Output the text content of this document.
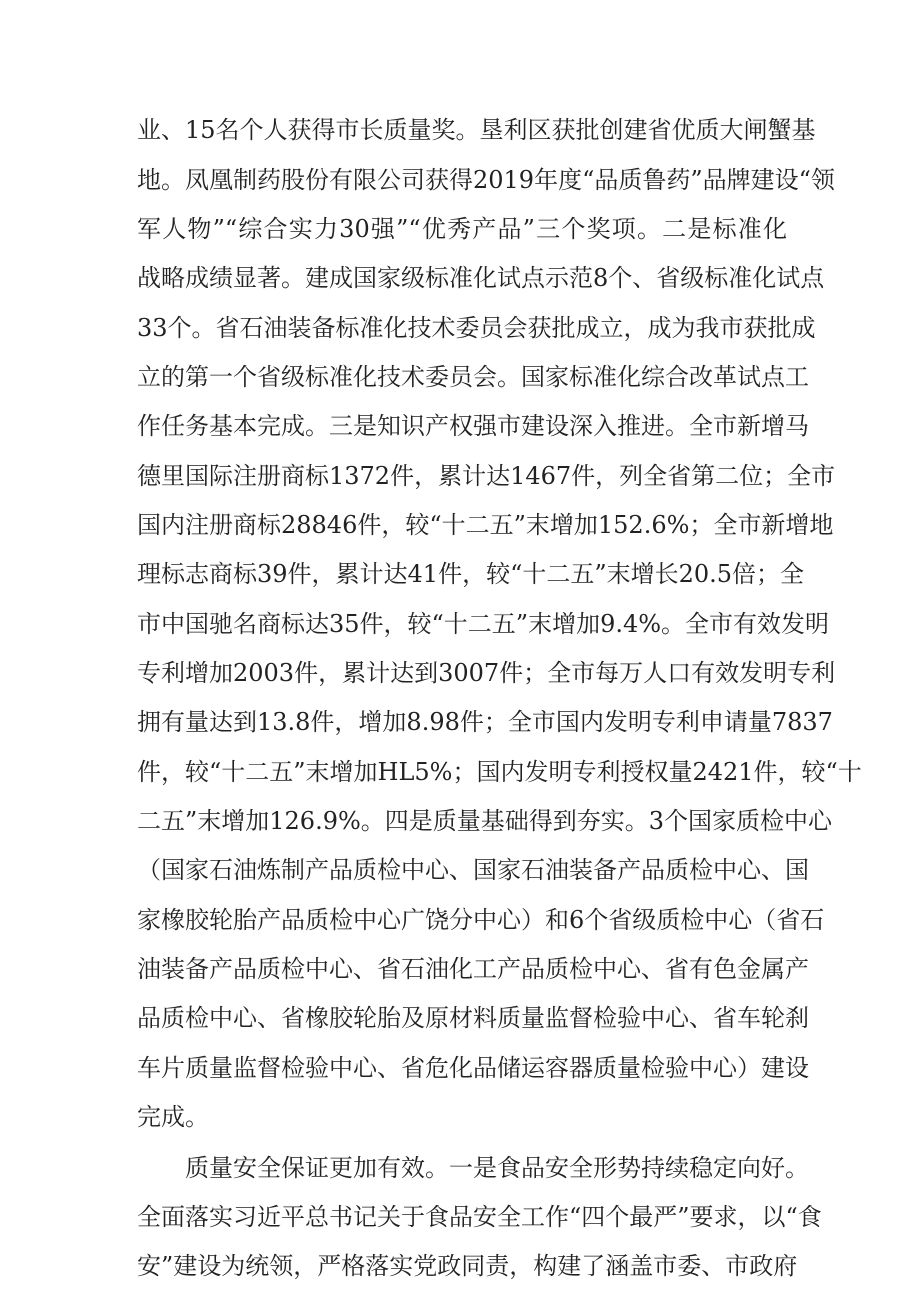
业、15名个人获得市长质量奖。垦利区获批创建省优质大闸蟹基
地。凤凰制药股份有限公司获得2019年度“品质鲁药”品牌建设“领
军人物”“综合实力30强”“优秀产品”三个奖项。二是标准化
战略成绩显著。建成国家级标准化试点示范8个、省级标准化试点
33个。省石油装备标准化技术委员会获批成立，成为我市获批成
立的第一个省级标准化技术委员会。国家标准化综合改革试点工
作任务基本完成。三是知识产权强市建设深入推进。全市新增马
德里国际注册商标1372件，累计达1467件，列全省第二位；全市
国内注册商标28846件，较“十二五”末增加152.6%；全市新增地
理标志商标39件，累计达41件，较“十二五”末增长20.5倍；全
市中国驰名商标达35件，较“十二五”末增加9.4%。全市有效发明
专利增加2003件，累计达到3007件；全市每万人口有效发明专利
拥有量达到13.8件，增加8.98件；全市国内发明专利申请量7837
件，较“十二五”末增加HL5%；国内发明专利授权量2421件，较“十
二五”末增加126.9%。四是质量基础得到夯实。3个国家质检中心
（国家石油炼制产品质检中心、国家石油装备产品质检中心、国
家橡胶轮胎产品质检中心广饶分中心）和6个省级质检中心（省石
油装备产品质检中心、省石油化工产品质检中心、省有色金属产
品质检中心、省橡胶轮胎及原材料质量监督检验中心、省车轮刹
车片质量监督检验中心、省危化品储运容器质量检验中心）建设
完成。
质量安全保证更加有效。一是食品安全形势持续稳定向好。
全面落实习近平总书记关于食品安全工作“四个最严”要求，以“食
安”建设为统领，严格落实党政同责，构建了涵盖市委、市政府
